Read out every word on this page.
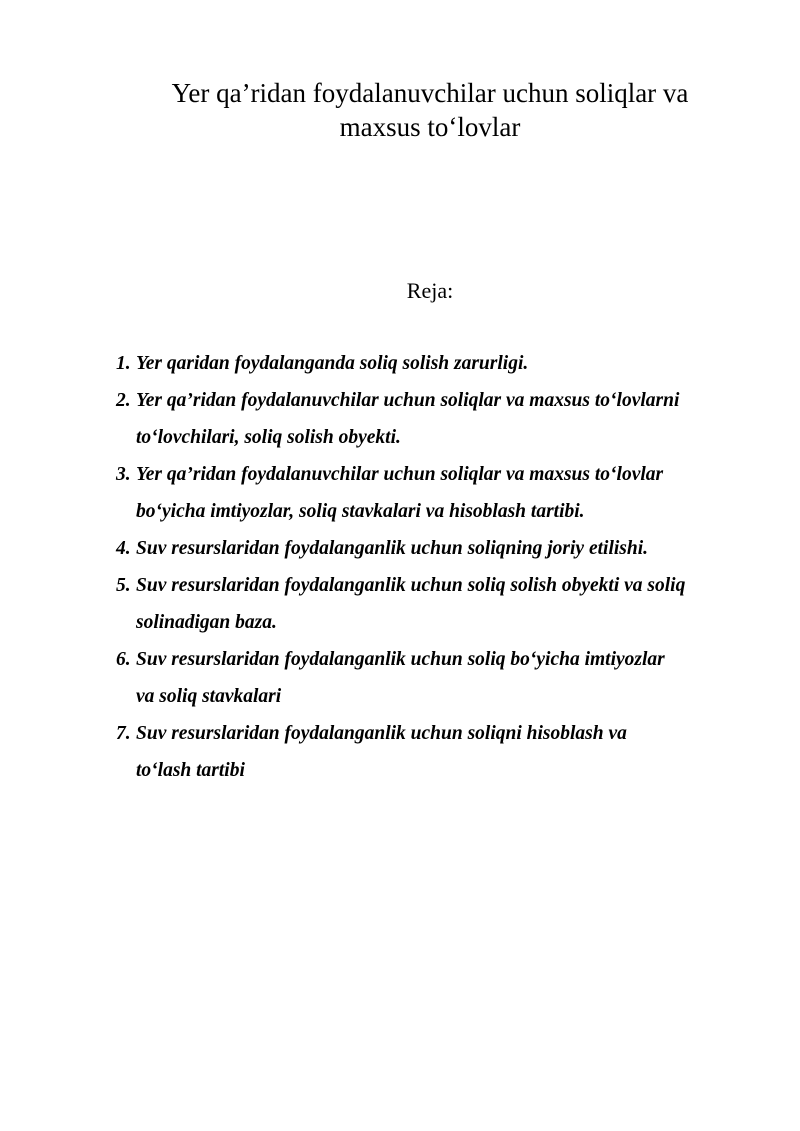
Yer qa’ridan foydalanuvchilar uchun soliqlar va
maxsus to‘lovlar

Reja:

1. Yer qaridan foydalanganda soliq solish zarurligi.
2. Yer qa’ridan foydalanuvchilar uchun soliqlar va maxsus to‘lovlarni
to‘lovchilari, soliq solish obyekti.
3. Yer qa’ridan foydalanuvchilar uchun soliqlar va maxsus to‘lovlar
bo‘yicha imtiyozlar, soliq stavkalari va hisoblash tartibi.
4. Suv resurslaridan foydalanganlik uchun soliqning joriy etilishi.
5. Suv resurslaridan foydalanganlik uchun soliq solish obyekti va soliq
solinadigan baza.
6. Suv resurslaridan foydalanganlik uchun soliq bo‘yicha imtiyozlar
va soliq stavkalari
7. Suv resurslaridan foydalanganlik uchun soliqni hisoblash va
to‘lash tartibi
